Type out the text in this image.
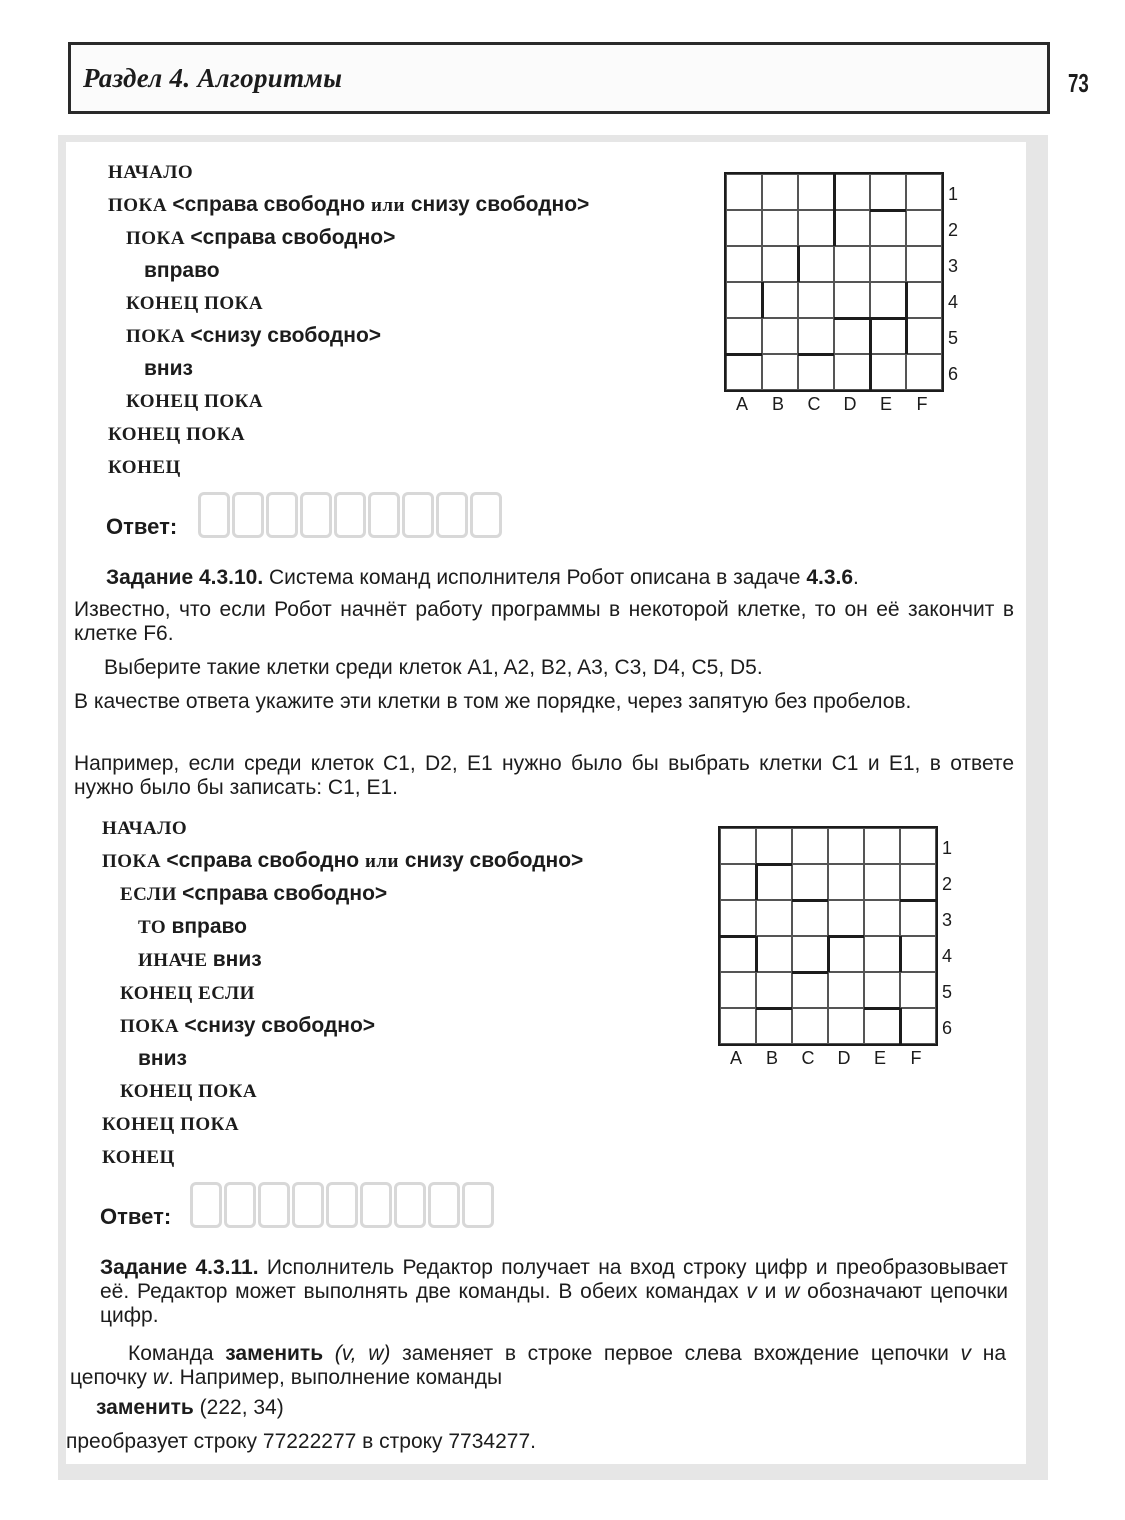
Раздел 4. Алгоритмы	73
НАЧАЛО
ПОКА <справа свободно или снизу свободно>
ПОКА <справа свободно>
вправо
КОНЕЦ ПОКА
ПОКА <снизу свободно>
вниз
КОНЕЦ ПОКА
КОНЕЦ ПОКА
КОНЕЦ
1
2
3
4
5
6
A	B	C	D	E	F
Ответ:
Задание 4.3.10. Система команд исполнителя Робот описана в задаче 4.3.6.
Известно, что если Робот начнёт работу программы в некоторой клетке, то он её закончит в клетке F6.
Выберите такие клетки среди клеток A1, A2, B2, A3, C3, D4, C5, D5.
В качестве ответа укажите эти клетки в том же порядке, через запятую без пробелов.
Например, если среди клеток C1, D2, E1 нужно было бы выбрать клетки C1 и E1, в ответе нужно было бы записать: C1, E1.
НАЧАЛО
ПОКА <справа свободно или снизу свободно>
ЕСЛИ <справа свободно>
ТО вправо
ИНАЧЕ вниз
КОНЕЦ ЕСЛИ
ПОКА <снизу свободно>
вниз
КОНЕЦ ПОКА
КОНЕЦ ПОКА
КОНЕЦ
1
2
3
4
5
6
A	B	C	D	E	F
Ответ:
Задание 4.3.11. Исполнитель Редактор получает на вход строку цифр и преобразовывает её. Редактор может выполнять две команды. В обеих командах v и w обозначают цепочки цифр.
Команда заменить (v, w) заменяет в строке первое слева вхождение цепочки v на цепочку w. Например, выполнение команды
заменить (222, 34)
преобразует строку 77222277 в строку 7734277.
